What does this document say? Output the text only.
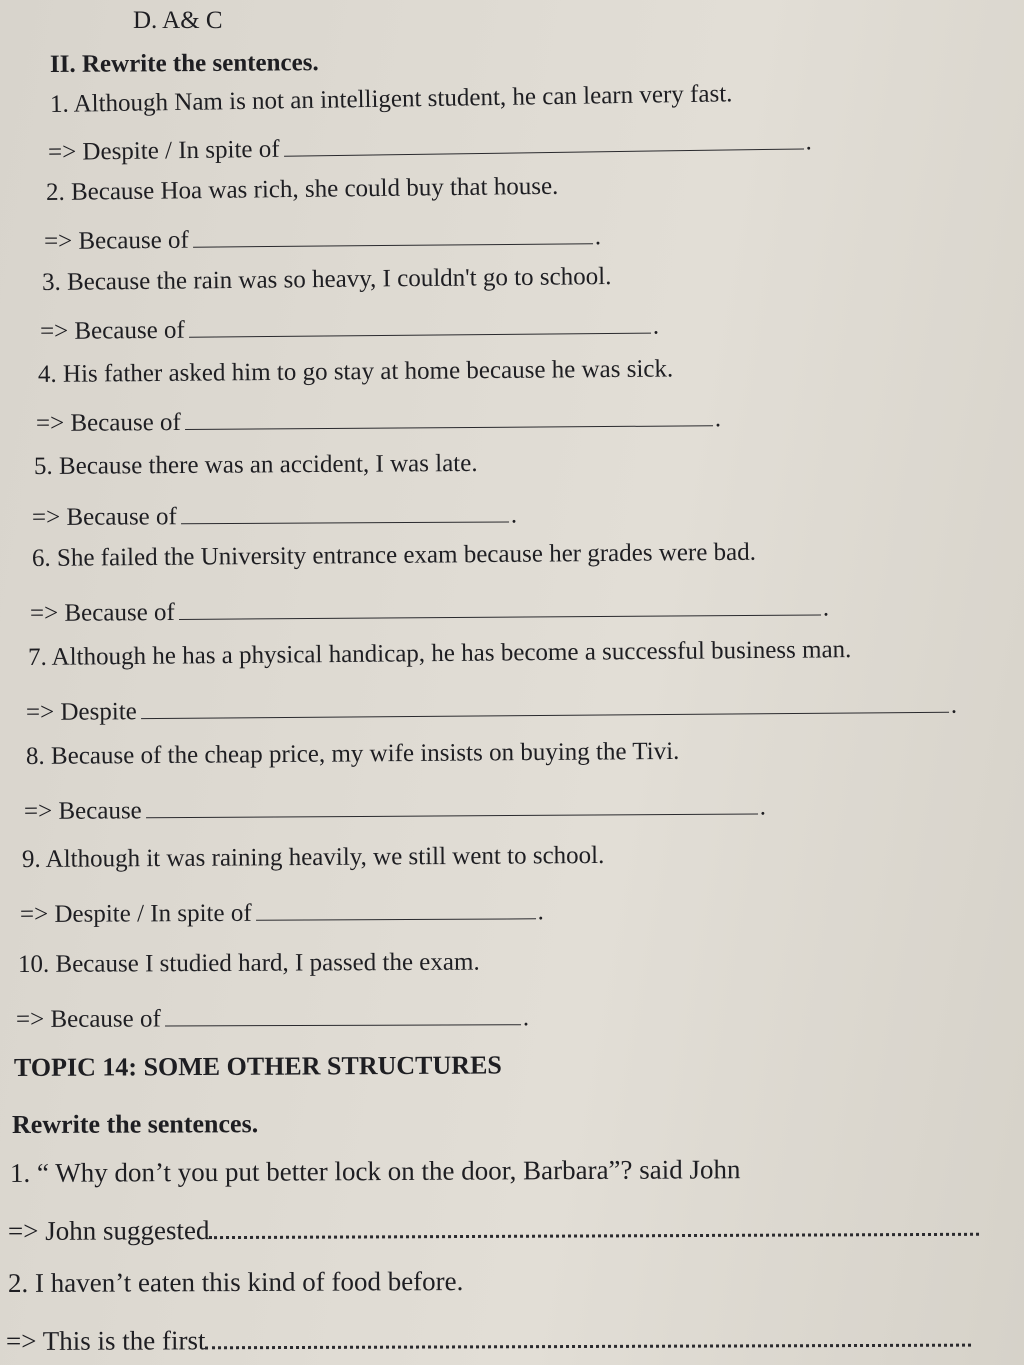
D. A& C
II. Rewrite the sentences.
1. Although Nam is not an intelligent student, he can learn very fast.
=> Despite / In spite of	.
2. Because Hoa was rich, she could buy that house.
=> Because of	.
3. Because the rain was so heavy, I couldn't go to school.
=> Because of	.
4. His father asked him to go stay at home because he was sick.
=> Because of	.
5. Because there was an accident, I was late.
=> Because of	.
6. She failed the University entrance exam because her grades were bad.
=> Because of	.
7. Although he has a physical handicap, he has become a successful business man.
=> Despite	.
8. Because of the cheap price, my wife insists on buying the Tivi.
=> Because	.
9. Although it was raining heavily, we still went to school.
=> Despite / In spite of	.
10. Because I studied hard, I passed the exam.
=> Because of	.
TOPIC 14: SOME OTHER STRUCTURES
Rewrite the sentences.
1. “ Why don’t you put better lock on the door, Barbara”? said John
=> John suggested
2. I haven’t eaten this kind of food before.
=> This is the first
